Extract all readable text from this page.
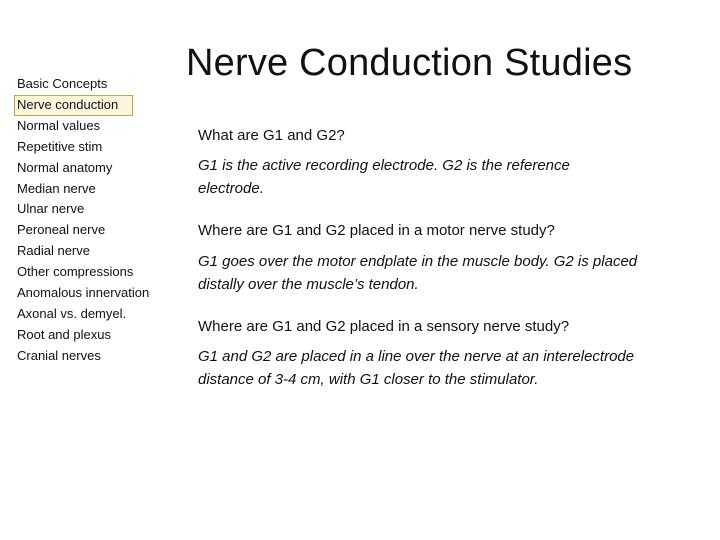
Basic Concepts
Nerve conduction
Normal values
Repetitive stim
Normal anatomy
Median nerve
Ulnar nerve
Peroneal nerve
Radial nerve
Other compressions
Anomalous innervation
Axonal vs. demyel.
Root and plexus
Cranial nerves
Nerve Conduction Studies

What are G1 and G2?

G1 is the active recording electrode. G2 is the reference electrode.

Where are G1 and G2 placed in a motor nerve study?

G1 goes over the motor endplate in the muscle body. G2 is placed distally over the muscle’s tendon.

Where are G1 and G2 placed in a sensory nerve study?

G1 and G2 are placed in a line over the nerve at an interelectrode distance of 3-4 cm, with G1 closer to the stimulator.
